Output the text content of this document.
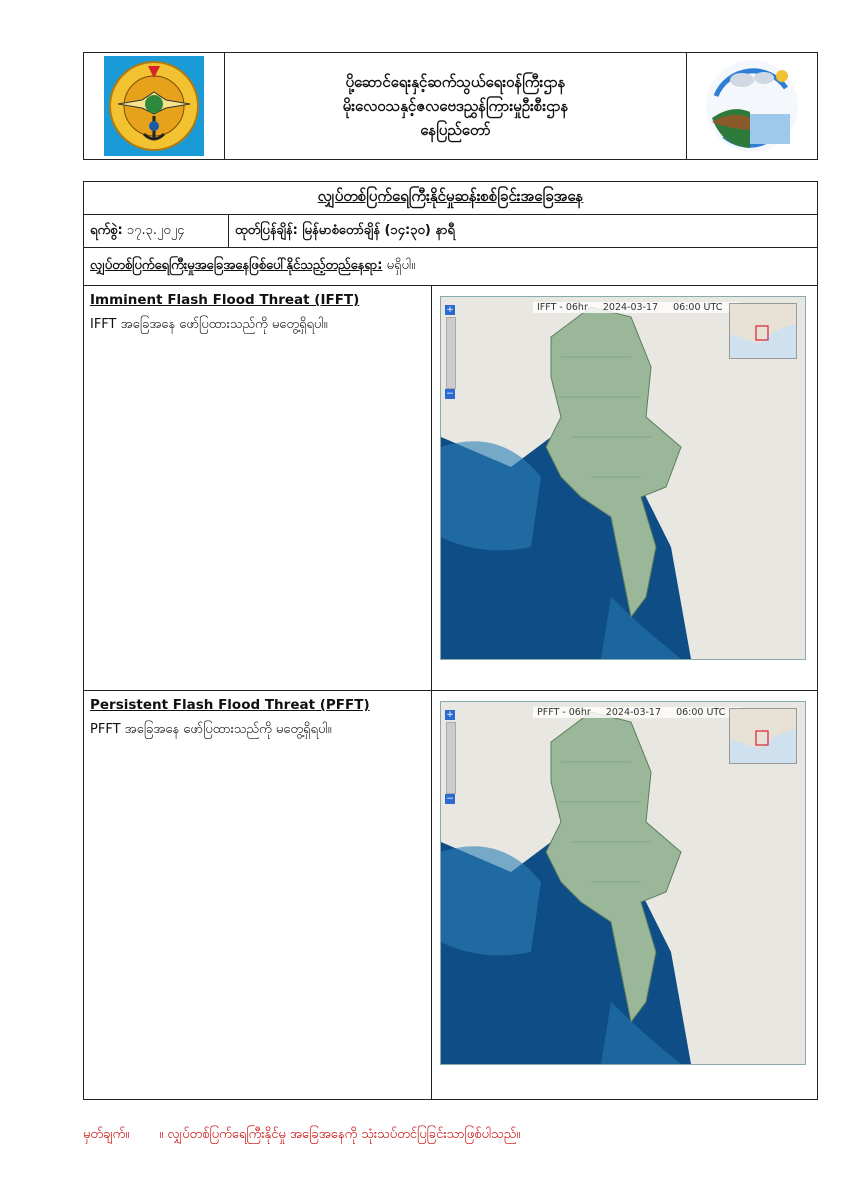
ပို့ဆောင်ရေးနှင့်ဆက်သွယ်ရေးဝန်ကြီးဌာန
မိုးလေဝသနှင့်ဇလဗေဒညွှန်ကြားမှုဦးစီးဌာန
နေပြည်တော်
လျှပ်တစ်ပြက်ရေကြီးနိုင်မှုဆန်းစစ်ခြင်းအခြေအနေ
ရက်စွဲ:
၁၇.၃.၂၀၂၄	ထုတ်ပြန်ချိန်: မြန်မာစံတော်ချိန် (၁၄:၃၀) နာရီ
လျှပ်တစ်ပြက်ရေကြီးမှုအခြေအနေဖြစ်ပေါ်နိုင်သည့်တည်နေရာ:
မရှိပါ။
Imminent Flash Flood Threat (IFFT)
IFFT အခြေအနေ ဖော်ပြထားသည်ကို မတွေ့ရှိရပါ။
+
−
IFFT - 06hr 2024-03-17 06:00 UTC
Persistent Flash Flood Threat (PFFT)
PFFT အခြေအနေ ဖော်ပြထားသည်ကို မတွေ့ရှိရပါ။
+
−
PFFT - 06hr 2024-03-17 06:00 UTC
မှတ်ချက်။ ။ လျှပ်တစ်ပြက်ရေကြီးနိုင်မှု အခြေအနေကို သုံးသပ်တင်ပြခြင်းသာဖြစ်ပါသည်။
